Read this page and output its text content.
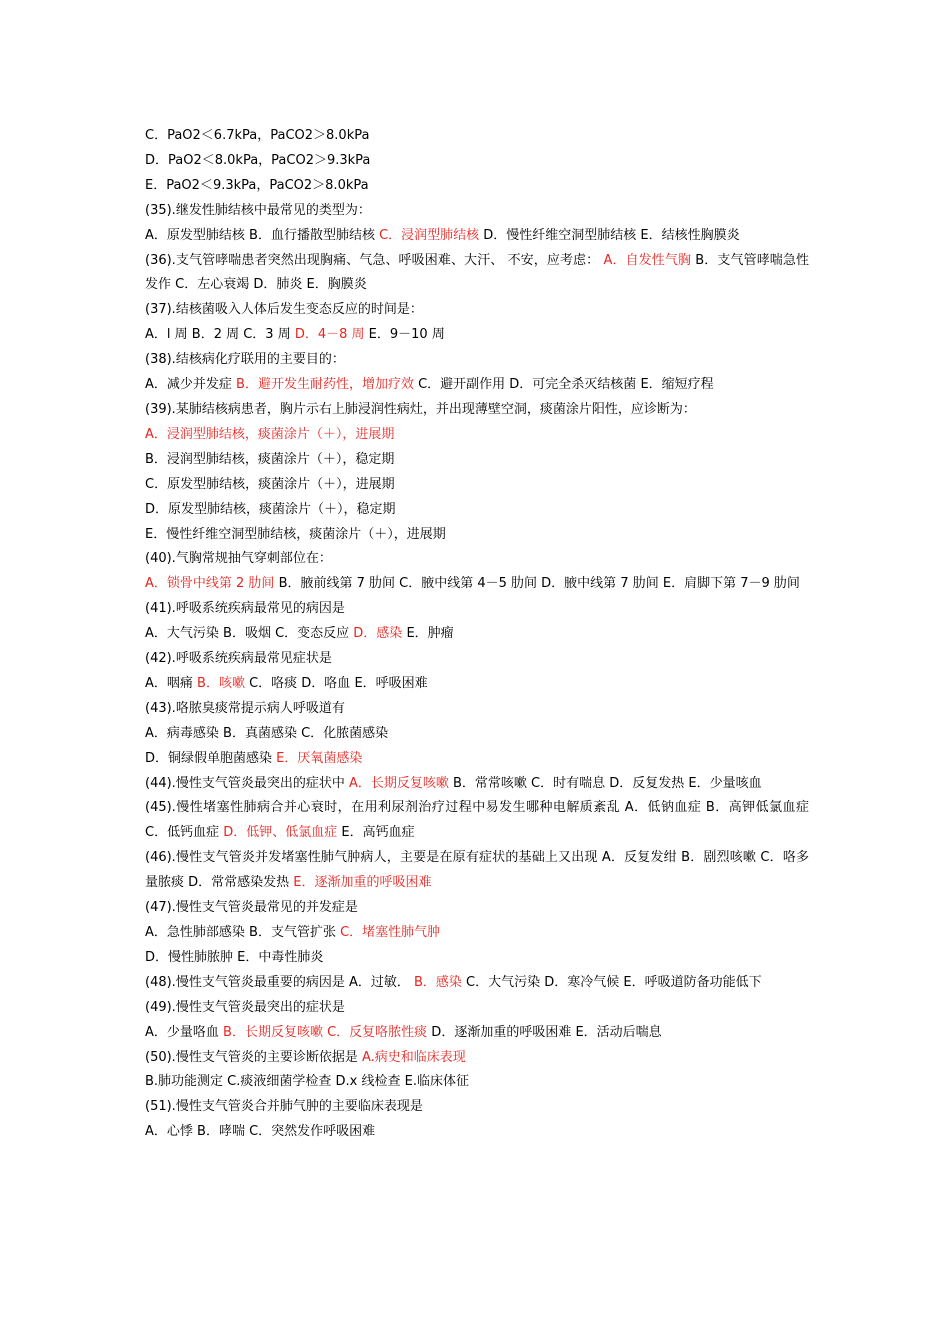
C．PaO2＜6.7kPa，PaCO2＞8.0kPa
D．PaO2＜8.0kPa，PaCO2＞9.3kPa
E．PaO2＜9.3kPa，PaCO2＞8.0kPa
(35).继发性肺结核中最常见的类型为：
A．原发型肺结核 B．血行播散型肺结核 C．浸润型肺结核 D．慢性纤维空洞型肺结核 E．结核性胸膜炎
(36).支气管哮喘患者突然出现胸痛、气急、呼吸困难、大汗、 不安，应考虑： A．自发性气胸 B．支气管哮喘急性发作 C．左心衰竭 D．肺炎 E．胸膜炎
(37).结核菌吸入人体后发生变态反应的时间是：
A．l 周 B．2 周 C．3 周 D．4－8 周 E．9－10 周
(38).结核病化疗联用的主要目的：
A．减少并发症 B．避开发生耐药性，增加疗效 C．避开副作用 D．可完全杀灭结核菌 E．缩短疗程
(39).某肺结核病患者，胸片示右上肺浸润性病灶，并出现薄壁空洞，痰菌涂片阳性，应诊断为：
A．浸润型肺结核，痰菌涂片（＋），进展期
B．浸润型肺结核，痰菌涂片（＋），稳定期
C．原发型肺结核，痰菌涂片（＋），进展期
D．原发型肺结核，痰菌涂片（＋），稳定期
E．慢性纤维空洞型肺结核，痰菌涂片（＋），进展期
(40).气胸常规抽气穿刺部位在：
A．锁骨中线第 2 肋间 B．腋前线第 7 肋间 C．腋中线第 4－5 肋间 D．腋中线第 7 肋间 E．肩脚下第 7－9 肋间
(41).呼吸系统疾病最常见的病因是
A．大气污染 B．吸烟 C．变态反应 D．感染 E．肿瘤
(42).呼吸系统疾病最常见症状是
A．咽痛 B．咳嗽 C．咯痰 D．咯血 E．呼吸困难
(43).咯脓臭痰常提示病人呼吸道有
A．病毒感染 B．真菌感染 C．化脓菌感染
D．铜绿假单胞菌感染 E．厌氧菌感染
(44).慢性支气管炎最突出的症状中 A．长期反复咳嗽 B．常常咳嗽 C．时有喘息 D．反复发热 E．少量咳血
(45).慢性堵塞性肺病合并心衰时，在用利尿剂治疗过程中易发生哪种电解质紊乱 A．低钠血症 B．高钾低氯血症 C．低钙血症 D．低钾、低氯血症 E．高钙血症
(46).慢性支气管炎并发堵塞性肺气肿病人，主要是在原有症状的基础上又出现 A．反复发绀 B．剧烈咳嗽 C．咯多量脓痰 D．常常感染发热 E．逐渐加重的呼吸困难
(47).慢性支气管炎最常见的并发症是
A．急性肺部感染 B．支气管扩张 C．堵塞性肺气肿
D．慢性肺脓肿 E．中毒性肺炎
(48).慢性支气管炎最重要的病因是 A．过敏． B．感染 C．大气污染 D．寒冷气候 E．呼吸道防备功能低下
(49).慢性支气管炎最突出的症状是
A．少量咯血 B．长期反复咳嗽 C．反复咯脓性痰 D．逐渐加重的呼吸困难 E．活动后喘息
(50).慢性支气管炎的主要诊断依据是 A.病史和临床表现
B.肺功能测定 C.痰液细菌学检查 D.x 线检查 E.临床体征
(51).慢性支气管炎合并肺气肿的主要临床表现是
A．心悸 B．哮喘 C．突然发作呼吸困难
